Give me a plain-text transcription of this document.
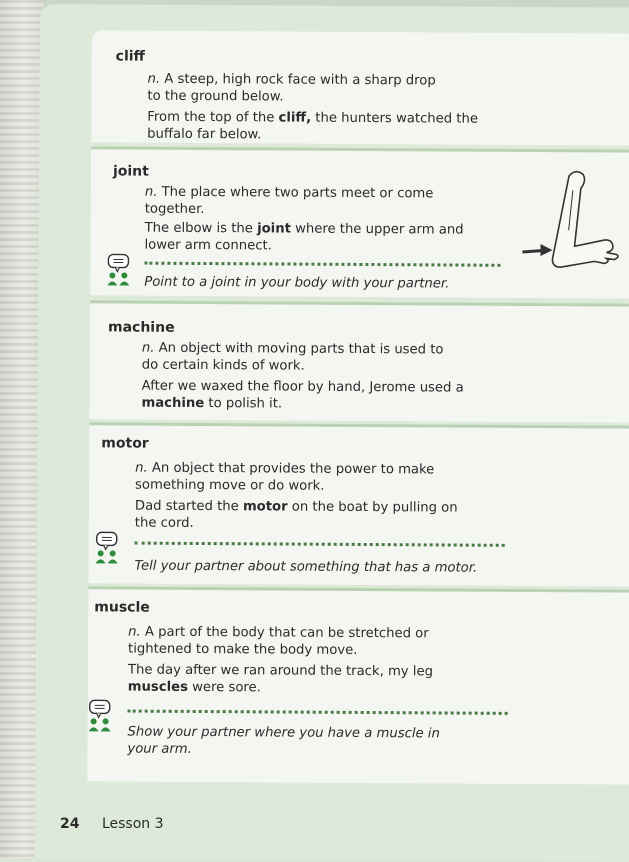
cliff
n. A steep, high rock face with a sharp drop
to the ground below.
From the top of the cliff, the hunters watched the
buffalo far below.
joint
n. The place where two parts meet or come
together.
The elbow is the joint where the upper arm and
lower arm connect.
Point to a joint in your body with your partner.
machine
n. An object with moving parts that is used to
do certain kinds of work.
After we waxed the floor by hand, Jerome used a
machine to polish it.
motor
n. An object that provides the power to make
something move or do work.
Dad started the motor on the boat by pulling on
the cord.
Tell your partner about something that has a motor.
muscle
n. A part of the body that can be stretched or
tightened to make the body move.
The day after we ran around the track, my leg
muscles were sore.
Show your partner where you have a muscle in
your arm.
24 Lesson 3
